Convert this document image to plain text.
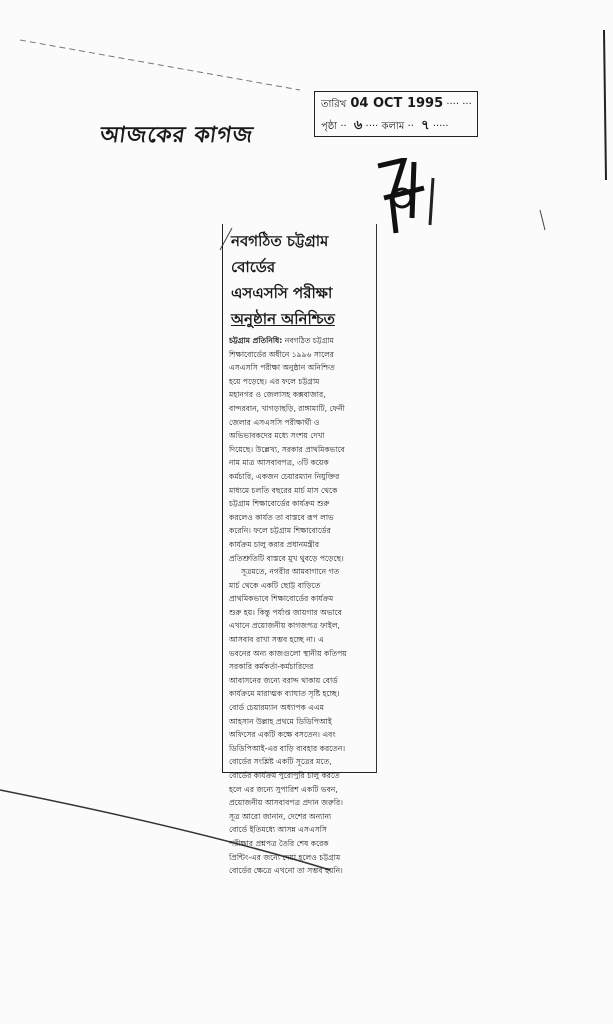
আজকের কাগজ
তারিখ 04 OCT 1995 ···· ···
পৃষ্ঠা ·· ৬ ···· কলাম ·· ৭ ·····
নবগঠিত চট্টগ্রাম বোর্ডের
এসএসসি পরীক্ষা
অনুষ্ঠান অনিশ্চিত
চট্টগ্রাম প্রতিনিধি: নবগঠিত চট্টগ্রাম
শিক্ষাবোর্ডের অধীনে ১৯৯৬ সালের
এসএসসি পরীক্ষা অনুষ্ঠান অনিশ্চিত
হয়ে পড়েছে। এর ফলে চট্টগ্রাম
মহানগর ও জেলাসহ কক্সবাজার,
বান্দরবান, খাগড়াছড়ি, রাঙ্গামাটি, ফেনী
জেলার এসএসসি পরীক্ষার্থী ও
অভিভাবকদের মধ্যে সংশয় দেখা
দিয়েছে। উল্লেখ্য, সরকার প্রাথমিকভাবে
নাম মাত্র আসবাবপত্র, ৩টি কয়েক
কর্মচারি, একজন চেয়ারম্যান নিযুক্তির
মাধ্যমে চলতি বছরের মার্চ মাস থেকে
চট্টগ্রাম শিক্ষাবোর্ডের কার্যক্রম শুরু
করলেও কার্যত তা বাস্তবে রূপ লাভ
করেনি। ফলে চট্টগ্রাম শিক্ষাবোর্ডের
কার্যক্রম চালু করার প্রধানমন্ত্রীর
প্রতিশ্রুতিটি বাস্তবে মুখ থুবড়ে পড়েছে।
সূত্রমতে, নগরীর আমবাগানে গত
মার্চ থেকে একটি ছোট্ট বাড়িতে
প্রাথমিকভাবে শিক্ষাবোর্ডের কার্যক্রম
শুরু হয়। কিন্তু পর্যাপ্ত জায়গার অভাবে
এখানে প্রয়োজনীয় কাগজপত্র ফাইল,
আসবাব রাখা সম্ভব হচ্ছে না। এ
ভবনের অন্য কাজগুলো স্থানীয় কতিপয়
সরকারি কর্মকর্তা-কর্মচারিদের
আবাসনের জন্যে বরাদ্দ থাকায় বোর্ড
কার্যক্রমে মারাত্মক ব্যাঘাত সৃষ্টি হচ্ছে।
বোর্ড চেয়ারম্যান অধ্যাপক এএম
আহসান উল্লাহ প্রথমে ডিডিপিআই
অফিসের একটি কক্ষে বসতেন। এবং
ডিডিপিআই-এর বাড়ি ব্যবহার করতেন।
বোর্ডের সংশ্লিষ্ট একটি সূত্রের মতে,
বোর্ডের কার্যক্রম পুরোপুরি চালু করতে
হলে এর জন্যে সুপারিশ একটি ভবন,
প্রয়োজনীয় আসবাবপত্র প্রদান জরুরি।
সূত্র আরো জানান, দেশের অন্যান্য
বোর্ডে ইতিমধ্যে আসন্ন এসএসসি
পরীক্ষার প্রশ্নপত্র তৈরি শেষ করেক
প্রিন্টিং-এর জন্যে দেয়া হলেও চট্টগ্রাম
বোর্ডের ক্ষেত্রে এখনো তা সম্ভব হয়নি।
